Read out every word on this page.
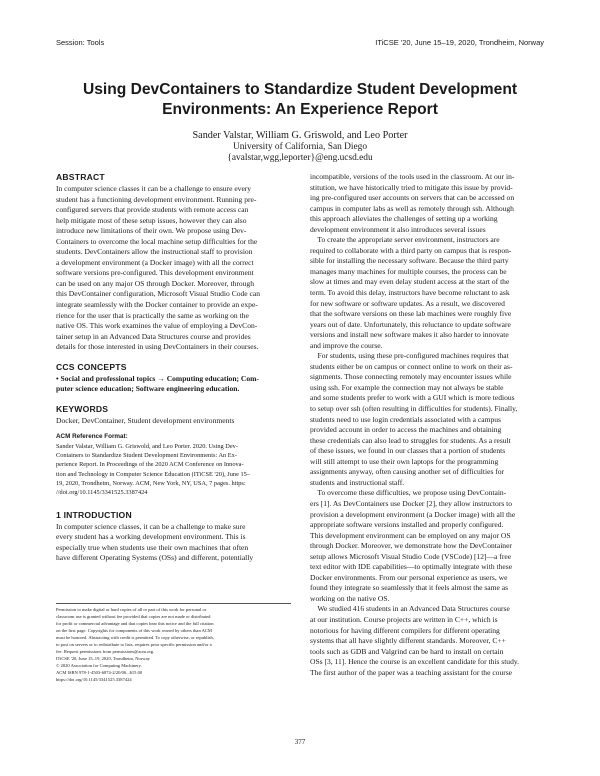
Session: Tools	ITiCSE '20, June 15–19, 2020, Trondheim, Norway
Using DevContainers to Standardize Student Development
Environments: An Experience Report
Sander Valstar, William G. Griswold, and Leo Porter
University of California, San Diego
{avalstar,wgg,leporter}@eng.ucsd.edu
ABSTRACT
In computer science classes it can be a challenge to ensure every
student has a functioning development environment. Running pre-
configured servers that provide students with remote access can
help mitigate most of these setup issues, however they can also
introduce new limitations of their own. We propose using Dev-
Containers to overcome the local machine setup difficulties for the
students. DevContainers allow the instructional staff to provision
a development environment (a Docker image) with all the correct
software versions pre-configured. This development environment
can be used on any major OS through Docker. Moreover, through
this DevContainer configuration, Microsoft Visual Studio Code can
integrate seamlessly with the Docker container to provide an expe-
rience for the user that is practically the same as working on the
native OS. This work examines the value of employing a DevCon-
tainer setup in an Advanced Data Structures course and provides
details for those interested in using DevContainers in their courses.
CCS CONCEPTS
• Social and professional topics → Computing education; Com-
puter science education; Software engineering education.
KEYWORDS
Docker, DevContainer, Student development environments
ACM Reference Format:
Sander Valstar, William G. Griswold, and Leo Porter. 2020. Using Dev-
Containers to Standardize Student Development Environments: An Ex-
perience Report. In Proceedings of the 2020 ACM Conference on Innova-
tion and Technology in Computer Science Education (ITiCSE '20), June 15–
19, 2020, Trondheim, Norway. ACM, New York, NY, USA, 7 pages. https:
//doi.org/10.1145/3341525.3387424
1 INTRODUCTION
In computer science classes, it can be a challenge to make sure
every student has a working development environment. This is
especially true when students use their own machines that often
have different Operating Systems (OSs) and different, potentially
Permission to make digital or hard copies of all or part of this work for personal or
classroom use is granted without fee provided that copies are not made or distributed
for profit or commercial advantage and that copies bear this notice and the full citation
on the first page. Copyrights for components of this work owned by others than ACM
must be honored. Abstracting with credit is permitted. To copy otherwise, or republish,
to post on servers or to redistribute to lists, requires prior specific permission and/or a
fee. Request permissions from permissions@acm.org.
ITiCSE '20, June 15–19, 2020, Trondheim, Norway
© 2020 Association for Computing Machinery.
ACM ISBN 978-1-4503-6874-2/20/06...$15.00
https://doi.org/10.1145/3341525.3387424
incompatible, versions of the tools used in the classroom. At our in-
stitution, we have historically tried to mitigate this issue by provid-
ing pre-configured user accounts on servers that can be accessed on
campus in computer labs as well as remotely through ssh. Although
this approach alleviates the challenges of setting up a working
development environment it also introduces several issues
To create the appropriate server environment, instructors are
required to collaborate with a third party on campus that is respon-
sible for installing the necessary software. Because the third party
manages many machines for multiple courses, the process can be
slow at times and may even delay student access at the start of the
term. To avoid this delay, instructors have become reluctant to ask
for new software or software updates. As a result, we discovered
that the software versions on these lab machines were roughly five
years out of date. Unfortunately, this reluctance to update software
versions and install new software makes it also harder to innovate
and improve the course.
For students, using these pre-configured machines requires that
students either be on campus or connect online to work on their as-
signments. Those connecting remotely may encounter issues while
using ssh. For example the connection may not always be stable
and some students prefer to work with a GUI which is more tedious
to setup over ssh (often resulting in difficulties for students). Finally,
students need to use login credentials associated with a campus
provided account in order to access the machines and obtaining
these credentials can also lead to struggles for students. As a result
of these issues, we found in our classes that a portion of students
will still attempt to use their own laptops for the programming
assignments anyway, often causing another set of difficulties for
students and instructional staff.
To overcome these difficulties, we propose using DevContain-
ers [1]. As DevContainers use Docker [2], they allow instructors to
provision a development environment (a Docker image) with all the
appropriate software versions installed and properly configured.
This development environment can be employed on any major OS
through Docker. Moreover, we demonstrate how the DevContainer
setup allows Microsoft Visual Studio Code (VSCode) [12]—a free
text editor with IDE capabilities—to optimally integrate with these
Docker environments. From our personal experience as users, we
found they integrate so seamlessly that it feels almost the same as
working on the native OS.
We studied 416 students in an Advanced Data Structures course
at our institution. Course projects are written in C++, which is
notorious for having different compilers for different operating
systems that all have slightly different standards. Moreover, C++
tools such as GDB and Valgrind can be hard to install on certain
OSs [3, 11]. Hence the course is an excellent candidate for this study.
The first author of the paper was a teaching assistant for the course
377
